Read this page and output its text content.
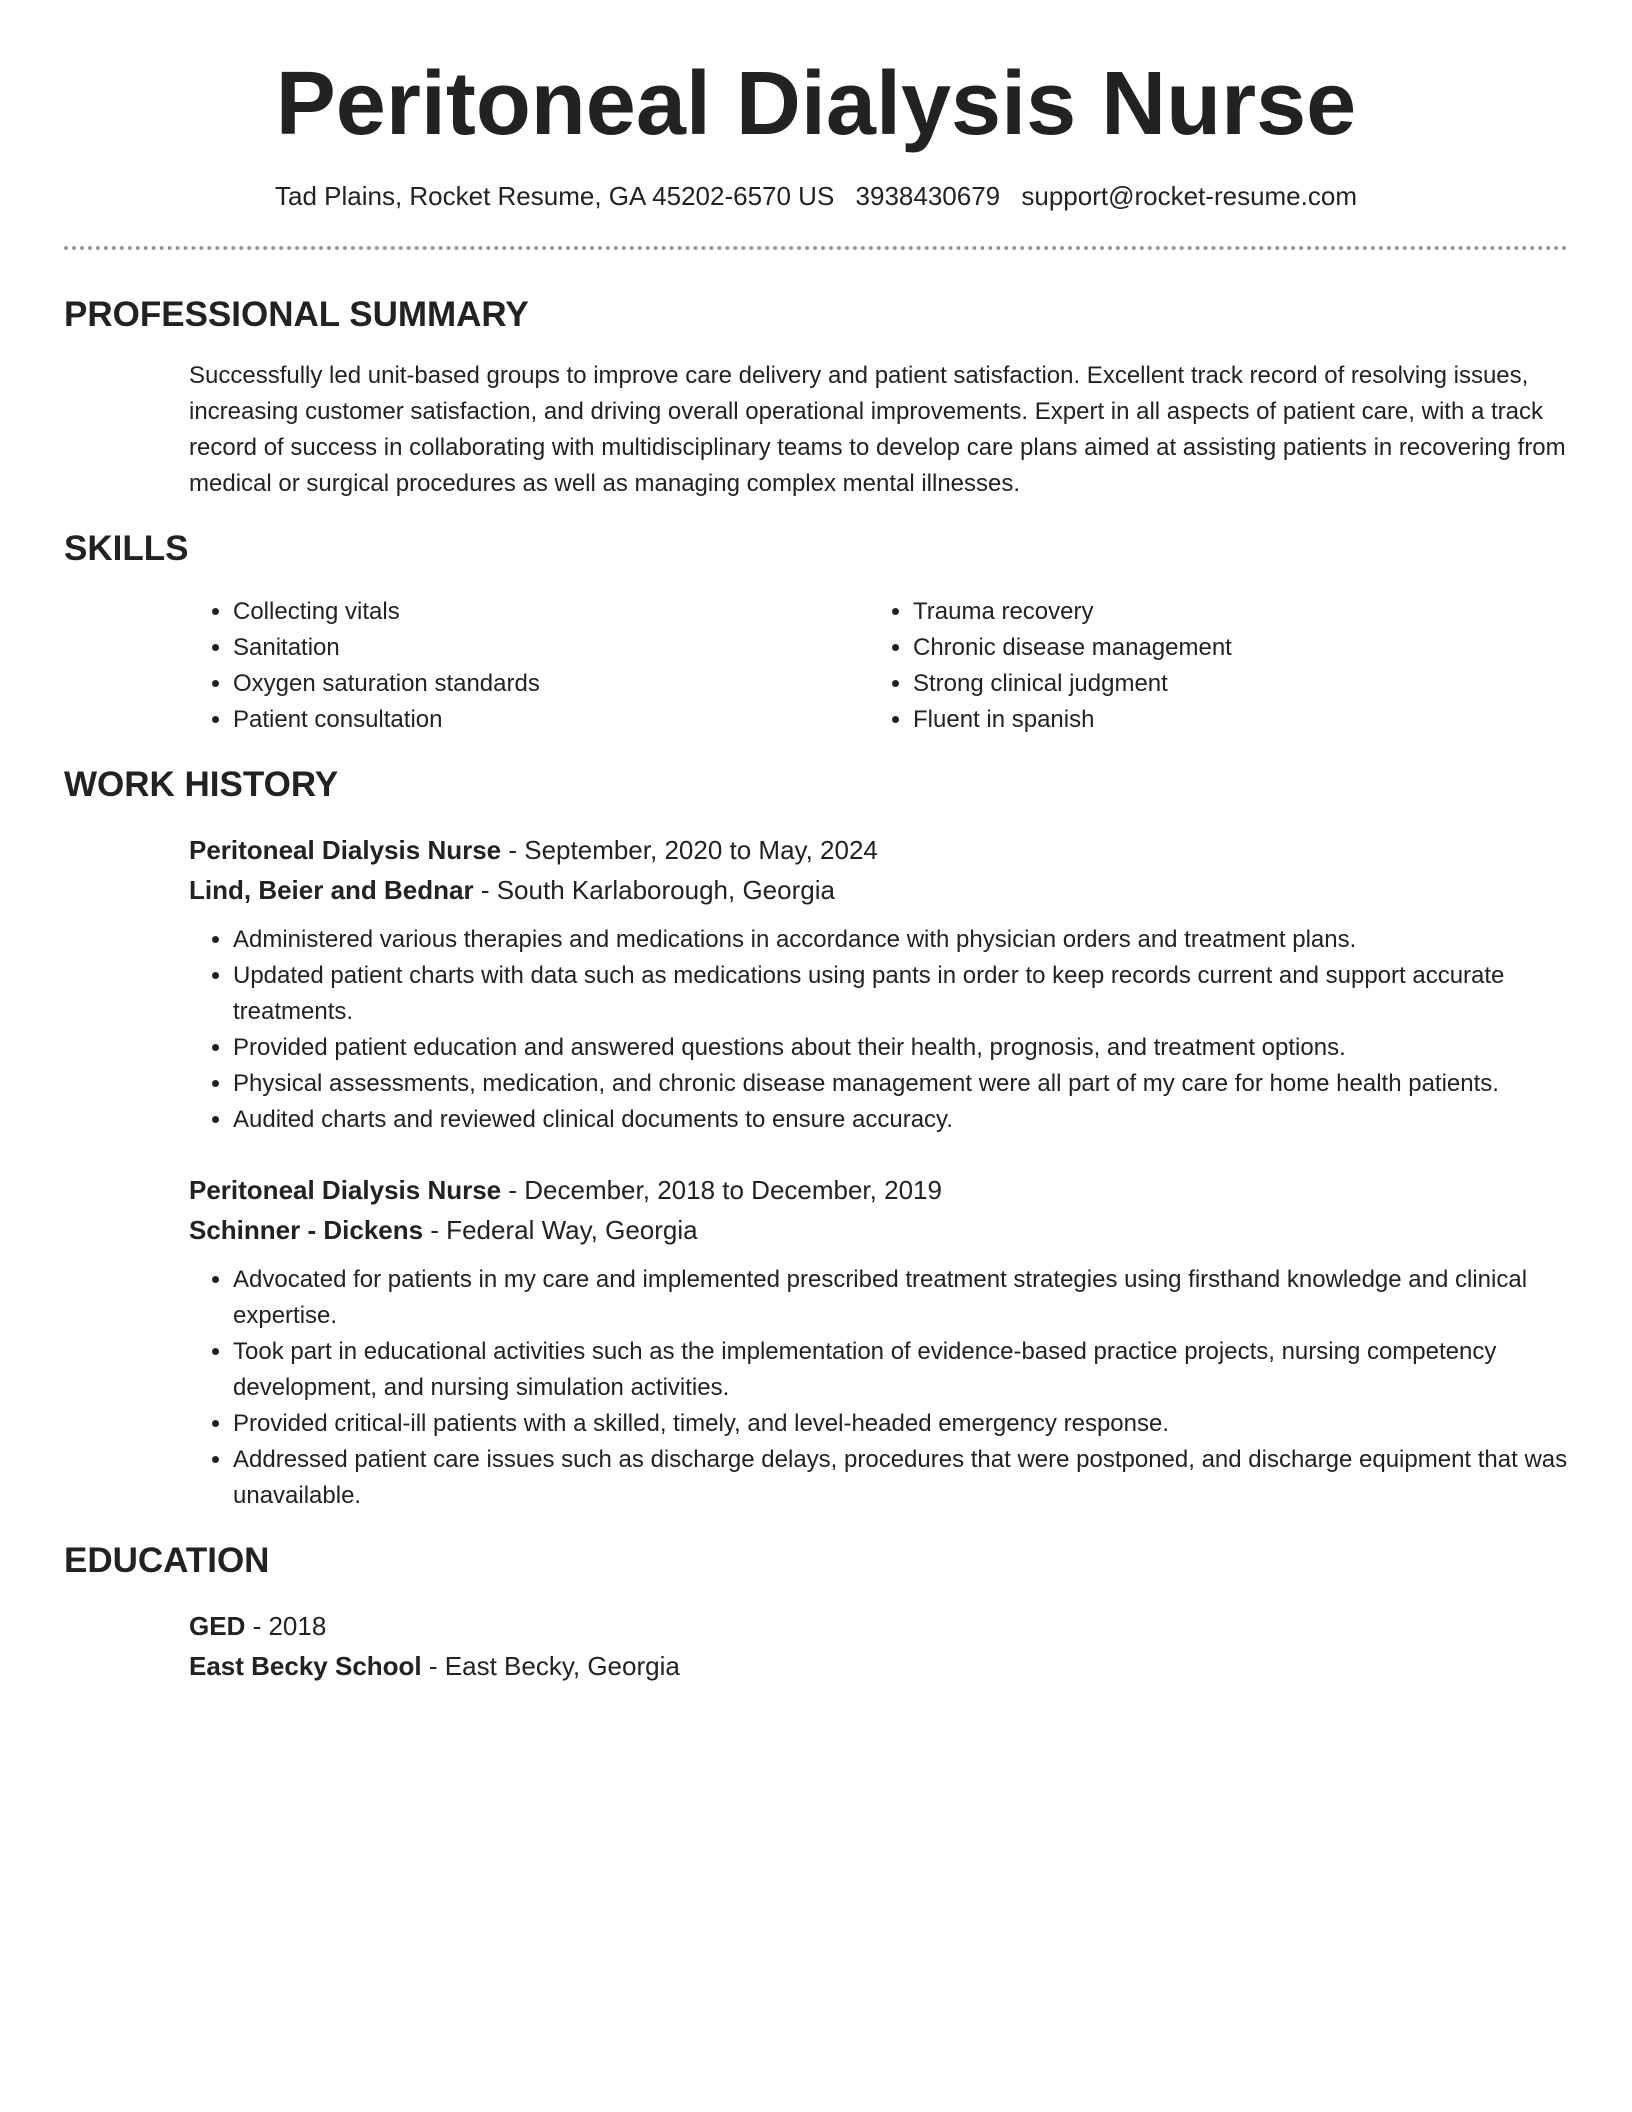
Peritoneal Dialysis Nurse
Tad Plains, Rocket Resume, GA 45202-6570 US 3938430679 support@rocket-resume.com
PROFESSIONAL SUMMARY

Successfully led unit-based groups to improve care delivery and patient satisfaction. Excellent track record of resolving issues, increasing customer satisfaction, and driving overall operational improvements. Expert in all aspects of patient care, with a track record of success in collaborating with multidisciplinary teams to develop care plans aimed at assisting patients in recovering from medical or surgical procedures as well as managing complex mental illnesses.

SKILLS
• Collecting vitals
• Sanitation
• Oxygen saturation standards
• Patient consultation
• Trauma recovery
• Chronic disease management
• Strong clinical judgment
• Fluent in spanish
WORK HISTORY
Peritoneal Dialysis Nurse - September, 2020 to May, 2024
Lind, Beier and Bednar - South Karlaborough, Georgia
• Administered various therapies and medications in accordance with physician orders and treatment plans.
• Updated patient charts with data such as medications using pants in order to keep records current and support accurate treatments.
• Provided patient education and answered questions about their health, prognosis, and treatment options.
• Physical assessments, medication, and chronic disease management were all part of my care for home health patients.
• Audited charts and reviewed clinical documents to ensure accuracy.
Peritoneal Dialysis Nurse - December, 2018 to December, 2019
Schinner - Dickens - Federal Way, Georgia
• Advocated for patients in my care and implemented prescribed treatment strategies using firsthand knowledge and clinical expertise.
• Took part in educational activities such as the implementation of evidence-based practice projects, nursing competency development, and nursing simulation activities.
• Provided critical-ill patients with a skilled, timely, and level-headed emergency response.
• Addressed patient care issues such as discharge delays, procedures that were postponed, and discharge equipment that was unavailable.
EDUCATION
GED - 2018
East Becky School - East Becky, Georgia
